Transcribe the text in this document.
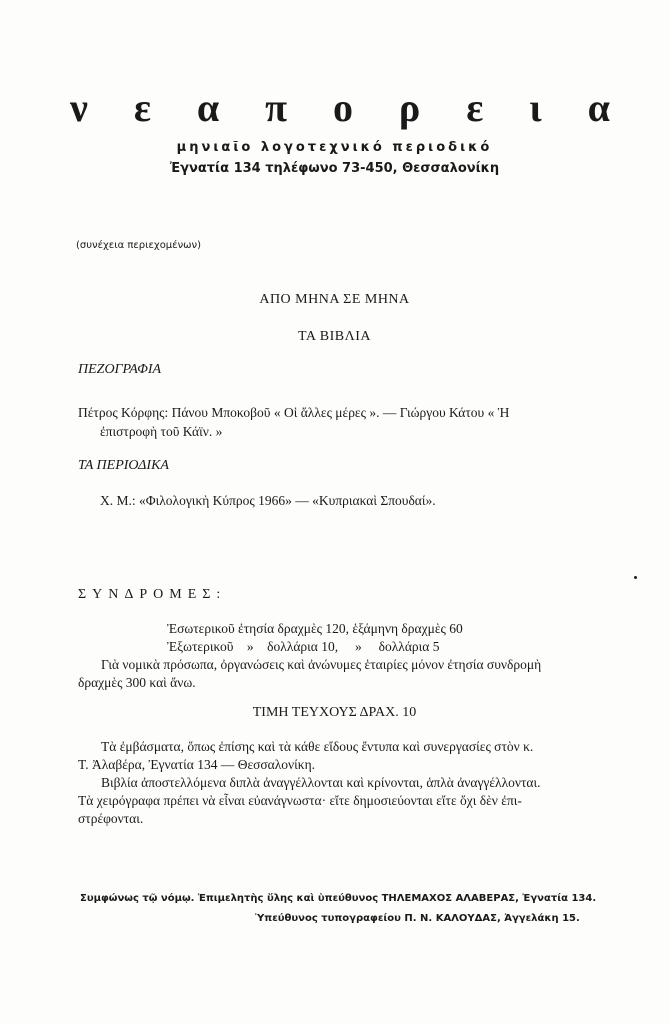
ν ε α π ο ρ ε ι α
μηνιαῖο λογοτεχνικό περιοδικό
Ἐγνατία 134 τηλέφωνο 73-450, Θεσσαλονίκη
(συνέχεια περιεχομένων)
ΑΠΟ ΜΗΝΑ ΣΕ ΜΗΝΑ
ΤΑ ΒΙΒΛΙΑ
ΠΕΖΟΓΡΑΦΙΑ
Πέτρος Κόρφης: Πάνου Μποκοβοῦ « Οἱ ἄλλες μέρες ». — Γιώργου Κάτου « Ἡ
ἐπιστροφὴ τοῦ Κάϊν. »
ΤΑ ΠΕΡΙΟΔΙΚΑ
Χ. Μ.: «Φιλολογικὴ Κύπρος 1966» — «Κυπριακαὶ Σπουδαί».
ΣΥΝΔΡΟΜΕΣ:
Ἐσωτερικοῦ ἐτησία δραχμὲς 120, ἑξάμηνη δραχμὲς 60
Ἐξωτερικοῦ    »    δολλάρια 10,     »     δολλάρια 5
Γιὰ νομικὰ πρόσωπα, ὀργανώσεις καὶ ἀνώνυμες ἑταιρίες μόνον ἐτησία συνδρομὴ
δραχμὲς 300 καὶ ἄνω.
ΤΙΜΗ ΤΕΥΧΟΥΣ ΔΡΑΧ. 10
Τὰ ἐμβάσματα, ὅπως ἐπίσης καὶ τὰ κάθε εἴδους ἔντυπα καὶ συνεργασίες στὸν κ.
Τ. Ἀλαβέρα, Ἐγνατία 134 — Θεσσαλονίκη.
Βιβλία ἀποστελλόμενα διπλὰ ἀναγγέλλονται καὶ κρίνονται, ἁπλὰ ἀναγγέλλονται.
Τὰ χειρόγραφα πρέπει νὰ εἶναι εὐανάγνωστα· εἴτε δημοσιεύονται εἴτε ὄχι δὲν ἐπι-
στρέφονται.
Συμφώνως τῷ νόμῳ. Ἐπιμελητὴς ὕλης καὶ ὑπεύθυνος ΤΗΛΕΜΑΧΟΣ ΑΛΑΒΕΡΑΣ, Ἐγνατία 134.
Ὑπεύθυνος τυπογραφείου Π. Ν. ΚΑΛΟΥΔΑΣ, Ἀγγελάκη 15.
